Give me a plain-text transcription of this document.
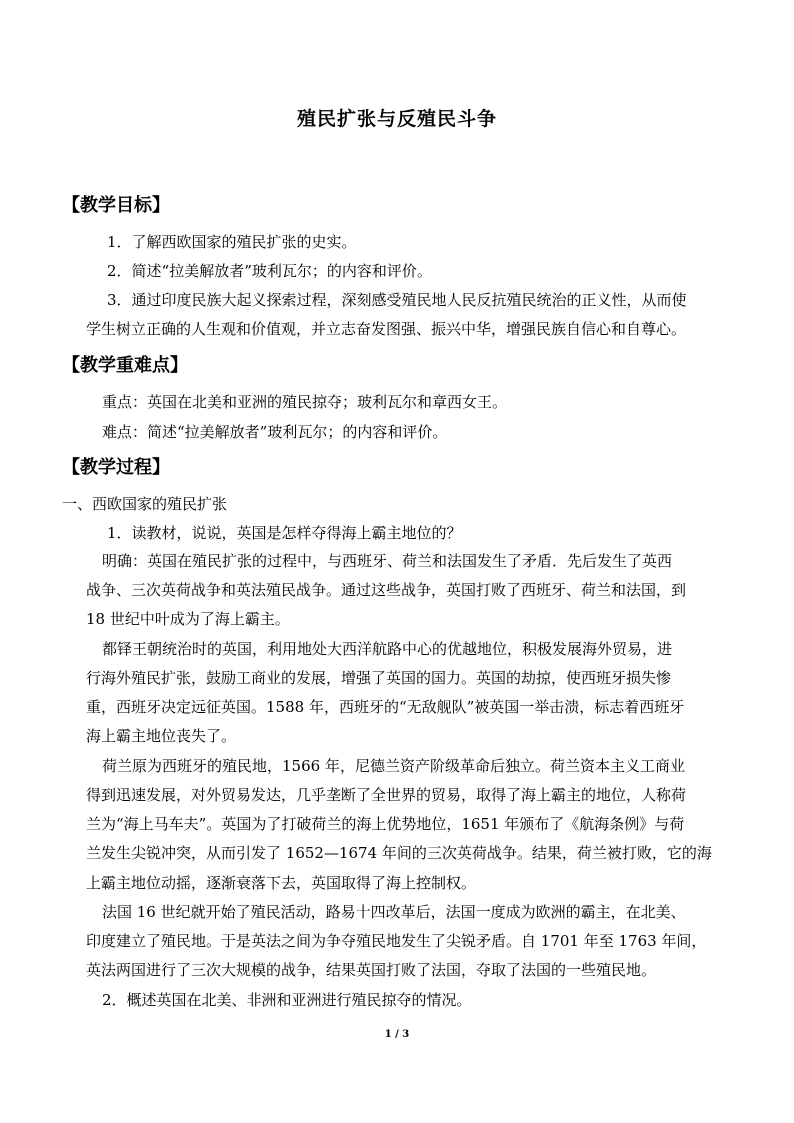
殖民扩张与反殖民斗争
【教学目标】
1．了解西欧国家的殖民扩张的史实。
2．简述“拉美解放者”玻利瓦尔；的内容和评价。
3．通过印度民族大起义探索过程，深刻感受殖民地人民反抗殖民统治的正义性，从而使
学生树立正确的人生观和价值观，并立志奋发图强、振兴中华，增强民族自信心和自尊心。
【教学重难点】
重点：英国在北美和亚洲的殖民掠夺；玻利瓦尔和章西女王。
难点：简述“拉美解放者”玻利瓦尔；的内容和评价。
【教学过程】
一、西欧国家的殖民扩张
1．读教材，说说，英国是怎样夺得海上霸主地位的？
明确：英国在殖民扩张的过程中，与西班牙、荷兰和法国发生了矛盾．先后发生了英西
战争、三次英荷战争和英法殖民战争。通过这些战争，英国打败了西班牙、荷兰和法国，到
18 世纪中叶成为了海上霸主。
都铎王朝统治时的英国，利用地处大西洋航路中心的优越地位，积极发展海外贸易，进
行海外殖民扩张，鼓励工商业的发展，增强了英国的国力。英国的劫掠，使西班牙损失惨
重，西班牙决定远征英国。1588 年，西班牙的“无敌舰队”被英国一举击溃，标志着西班牙
海上霸主地位丧失了。
荷兰原为西班牙的殖民地，1566 年，尼德兰资产阶级革命后独立。荷兰资本主义工商业
得到迅速发展，对外贸易发达，几乎垄断了全世界的贸易，取得了海上霸主的地位，人称荷
兰为“海上马车夫”。英国为了打破荷兰的海上优势地位，1651 年颁布了《航海条例》与荷
兰发生尖锐冲突，从而引发了 1652—1674 年间的三次英荷战争。结果，荷兰被打败，它的海
上霸主地位动摇，逐渐衰落下去，英国取得了海上控制权。
法国 16 世纪就开始了殖民活动，路易十四改革后，法国一度成为欧洲的霸主，在北美、
印度建立了殖民地。于是英法之间为争夺殖民地发生了尖锐矛盾。自 1701 年至 1763 年间，
英法两国进行了三次大规模的战争，结果英国打败了法国，夺取了法国的一些殖民地。
2．概述英国在北美、非洲和亚洲进行殖民掠夺的情况。
1 / 3
